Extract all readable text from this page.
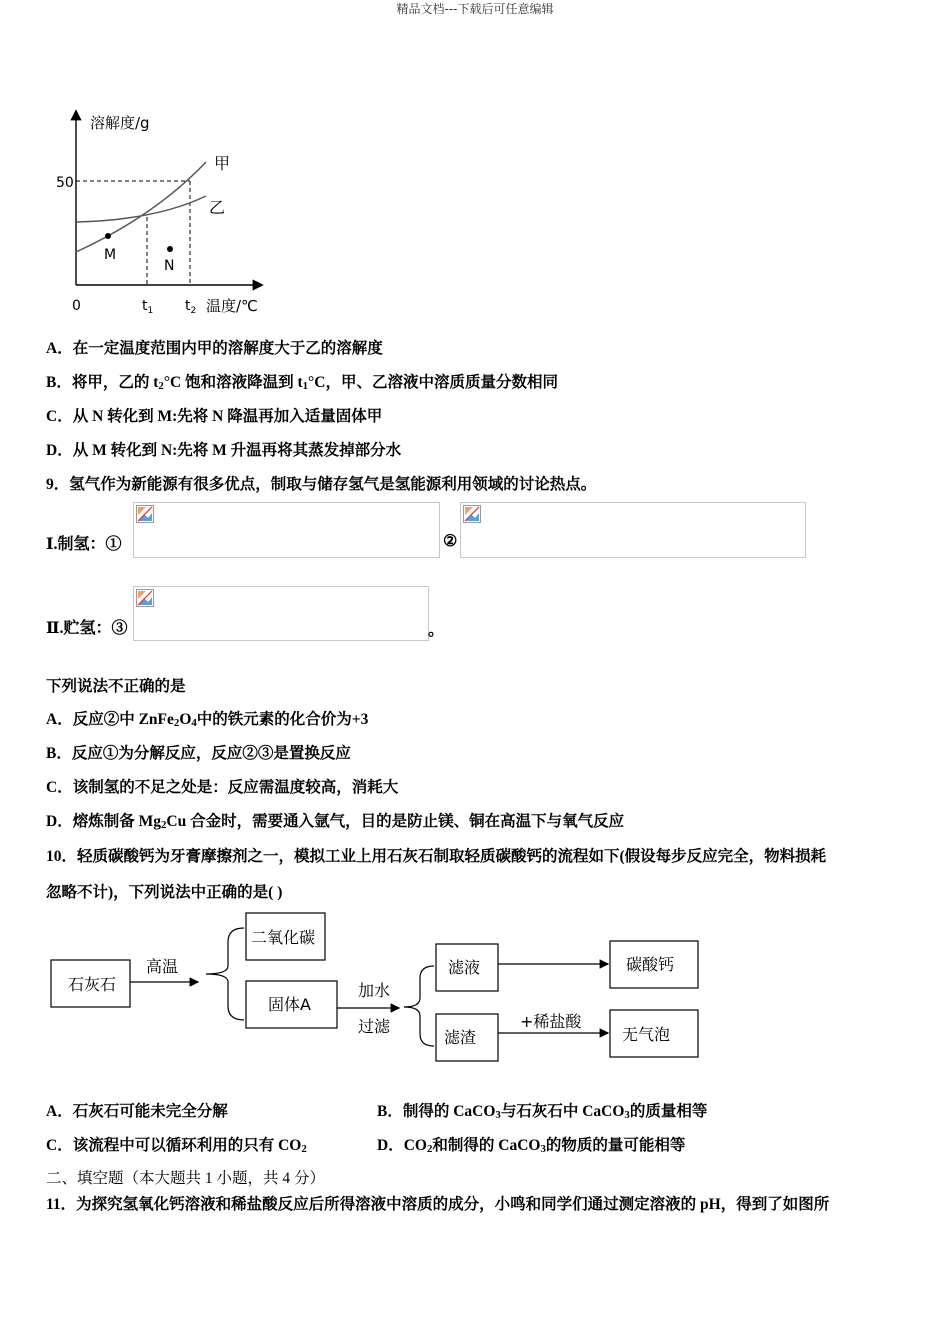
精品文档---下载后可任意编辑
溶解度/g
50
甲
乙
M
N
0	$t_1$ $t_2$ 温度/℃
A．在一定温度范围内甲的溶解度大于乙的溶解度
B．将甲，乙的 $t_2^\circ C$ 饱和溶液降温到 $t_1^\circ C$，甲、乙溶液中溶质质量分数相同
C．从 N 转化到 M:先将 N 降温再加入适量固体甲
D．从 M 转化到 N:先将 M 升温再将其蒸发掉部分水
9．氢气作为新能源有很多优点，制取与储存氢气是氢能源利用领域的讨论热点。
Ⅰ.制氢：①	②
Ⅱ.贮氢：③	。
下列说法不正确的是
A．反应②中 $ZnFe_2O_4$中的铁元素的化合价为+3
B．反应①为分解反应，反应②③是置换反应
C．该制氢的不足之处是：反应需温度较高，消耗大
D．熔炼制备 $Mg_2Cu$ 合金时，需要通入氩气，目的是防止镁、铜在高温下与氧气反应
10．轻质碳酸钙为牙膏摩擦剂之一，模拟工业上用石灰石制取轻质碳酸钙的流程如下(假设每步反应完全，物料损耗
忽略不计)，下列说法中正确的是( )
石灰石
高温
二氧化碳
固体A
加水
过滤
滤液
滤渣
+稀盐酸
碳酸钙
无气泡
A．石灰石可能未完全分解	B．制得的 CaCO$_3$与石灰石中 CaCO$_3$的质量相等
C．该流程中可以循环利用的只有 $CO_2$	D．$CO_2$和制得的 CaCO$_3$的物质的量可能相等
二、填空题（本大题共 1 小题，共 4 分）
11．为探究氢氧化钙溶液和稀盐酸反应后所得溶液中溶质的成分，小鸣和同学们通过测定溶液的 pH，得到了如图所
